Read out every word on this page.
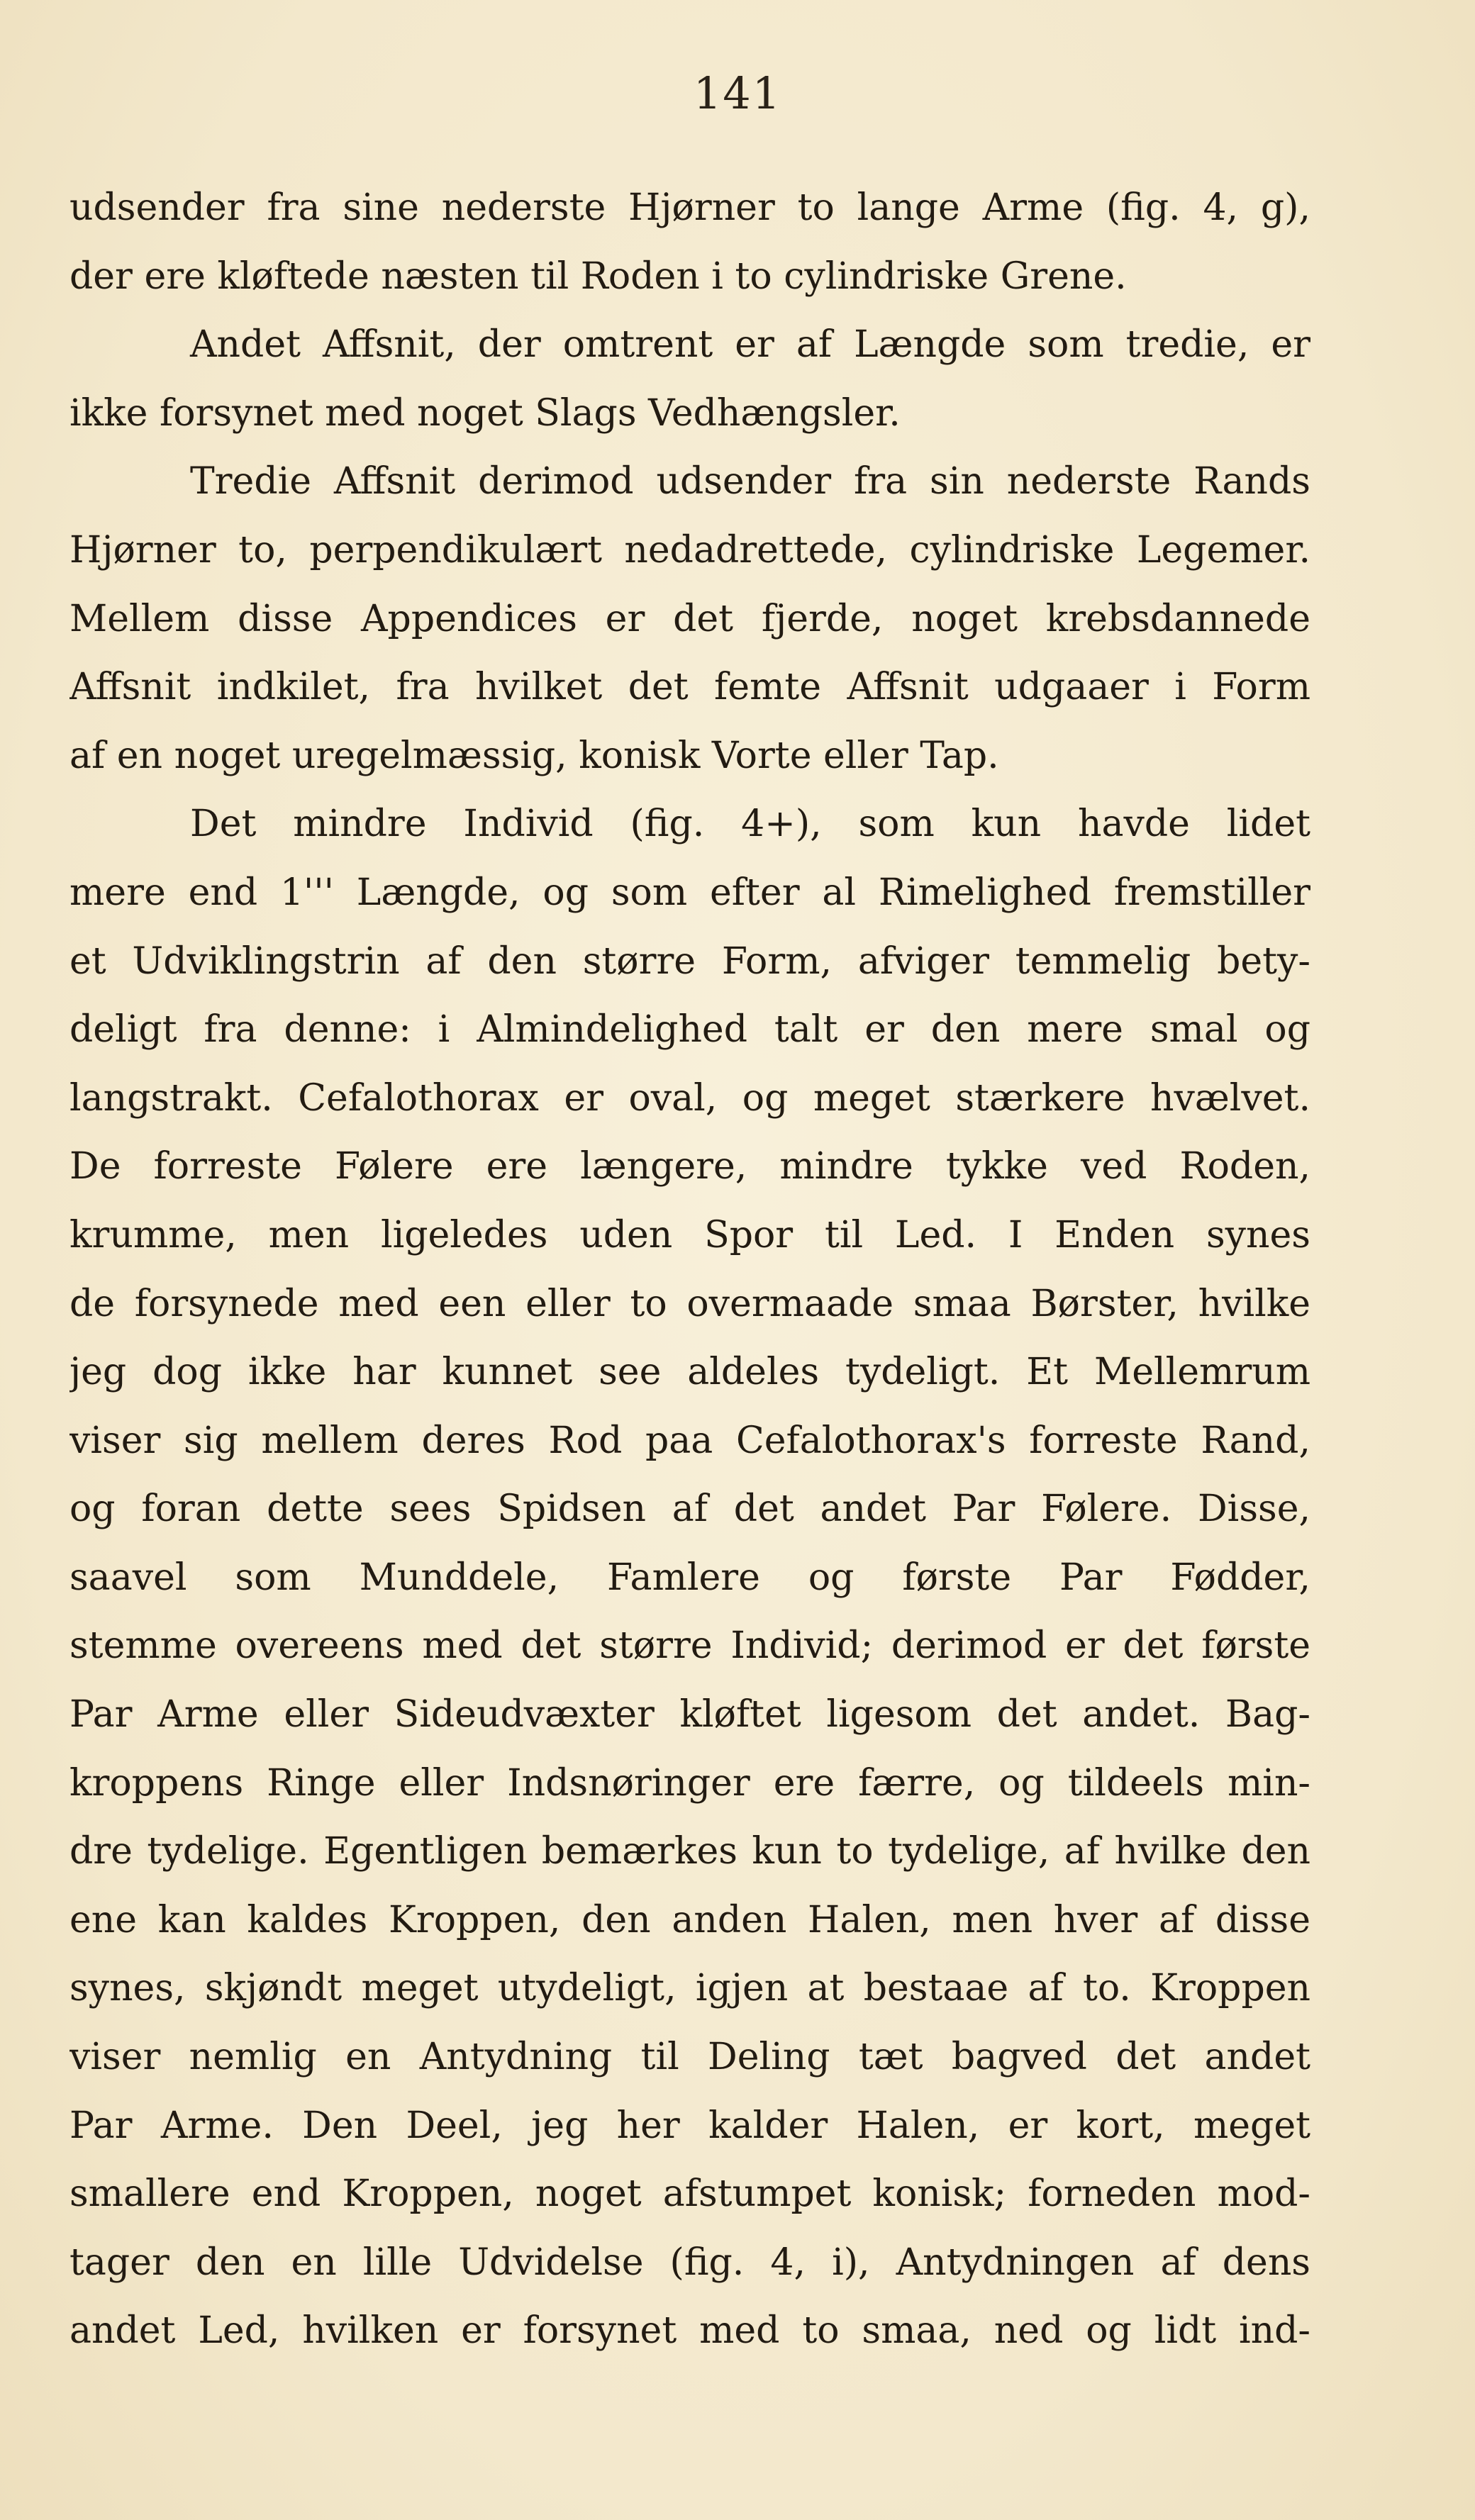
141
udsender fra sine nederste Hjørner to lange Arme (fig. 4, g),
der ere kløftede næsten til Roden i to cylindriske Grene.
Andet Affsnit, der omtrent er af Længde som tredie, er
ikke forsynet med noget Slags Vedhængsler.
Tredie Affsnit derimod udsender fra sin nederste Rands
Hjørner to, perpendikulært nedadrettede, cylindriske Legemer.
Mellem disse Appendices er det fjerde, noget krebsdannede
Affsnit indkilet, fra hvilket det femte Affsnit udgaaer i Form
af en noget uregelmæssig, konisk Vorte eller Tap.
Det mindre Individ (fig. 4+), som kun havde lidet
mere end 1''' Længde, og som efter al Rimelighed fremstiller
et Udviklingstrin af den større Form, afviger temmelig bety-
deligt fra denne: i Almindelighed talt er den mere smal og
langstrakt. Cefalothorax er oval, og meget stærkere hvælvet.
De forreste Følere ere længere, mindre tykke ved Roden,
krumme, men ligeledes uden Spor til Led. I Enden synes
de forsynede med een eller to overmaade smaa Børster, hvilke
jeg dog ikke har kunnet see aldeles tydeligt. Et Mellemrum
viser sig mellem deres Rod paa Cefalothorax's forreste Rand,
og foran dette sees Spidsen af det andet Par Følere. Disse,
saavel som Munddele, Famlere og første Par Fødder,
stemme overeens med det større Individ; derimod er det første
Par Arme eller Sideudvæxter kløftet ligesom det andet. Bag-
kroppens Ringe eller Indsnøringer ere færre, og tildeels min-
dre tydelige. Egentligen bemærkes kun to tydelige, af hvilke den
ene kan kaldes Kroppen, den anden Halen, men hver af disse
synes, skjøndt meget utydeligt, igjen at bestaae af to. Kroppen
viser nemlig en Antydning til Deling tæt bagved det andet
Par Arme. Den Deel, jeg her kalder Halen, er kort, meget
smallere end Kroppen, noget afstumpet konisk; forneden mod-
tager den en lille Udvidelse (fig. 4, i), Antydningen af dens
andet Led, hvilken er forsynet med to smaa, ned og lidt ind-
